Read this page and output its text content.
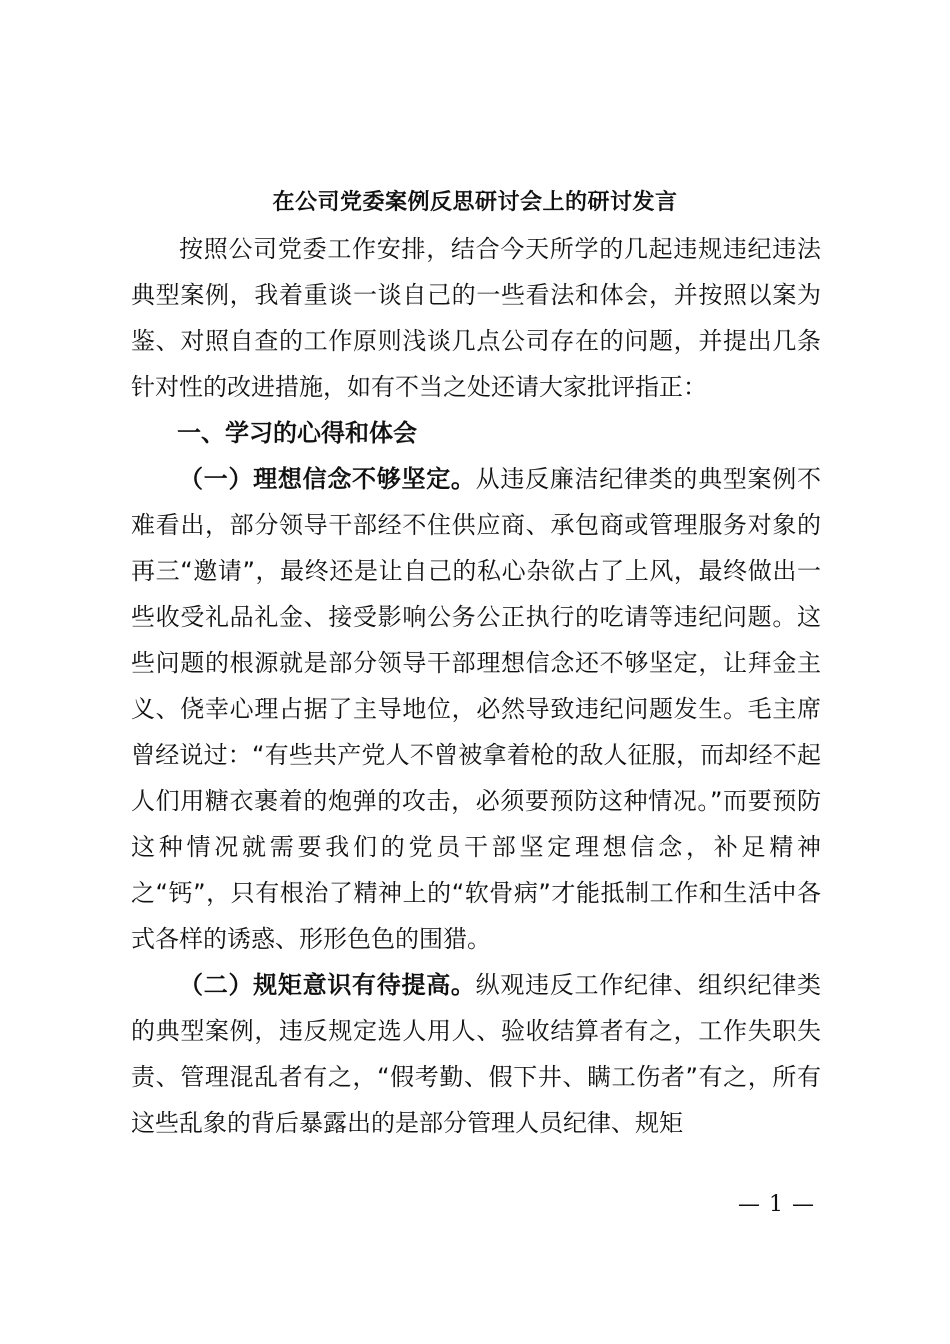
在公司党委案例反思研讨会上的研讨发言
按照公司党委工作安排，结合今天所学的几起违规违纪违法典型案例，我着重谈一谈自己的一些看法和体会，并按照以案为鉴、对照自查的工作原则浅谈几点公司存在的问题，并提出几条针对性的改进措施，如有不当之处还请大家批评指正：
一、学习的心得和体会
（一）理想信念不够坚定。从违反廉洁纪律类的典型案例不难看出，部分领导干部经不住供应商、承包商或管理服务对象的再三“邀请”，最终还是让自己的私心杂欲占了上风，最终做出一些收受礼品礼金、接受影响公务公正执行的吃请等违纪问题。这些问题的根源就是部分领导干部理想信念还不够坚定，让拜金主义、侥幸心理占据了主导地位，必然导致违纪问题发生。毛主席曾经说过：“有些共产党人不曾被拿着枪的敌人征服，而却经不起人们用糖衣裹着的炮弹的攻击，必须要预防这种情况。”而要预防这种情况就需要我们的党员干部坚定理想信念，补足精神之“钙”，只有根治了精神上的“软骨病”才能抵制工作和生活中各式各样的诱惑、形形色色的围猎。
（二）规矩意识有待提高。纵观违反工作纪律、组织纪律类的典型案例，违反规定选人用人、验收结算者有之，工作失职失责、管理混乱者有之，“假考勤、假下井、瞒工伤者”有之，所有这些乱象的背后暴露出的是部分管理人员纪律、规矩
— 1 —
